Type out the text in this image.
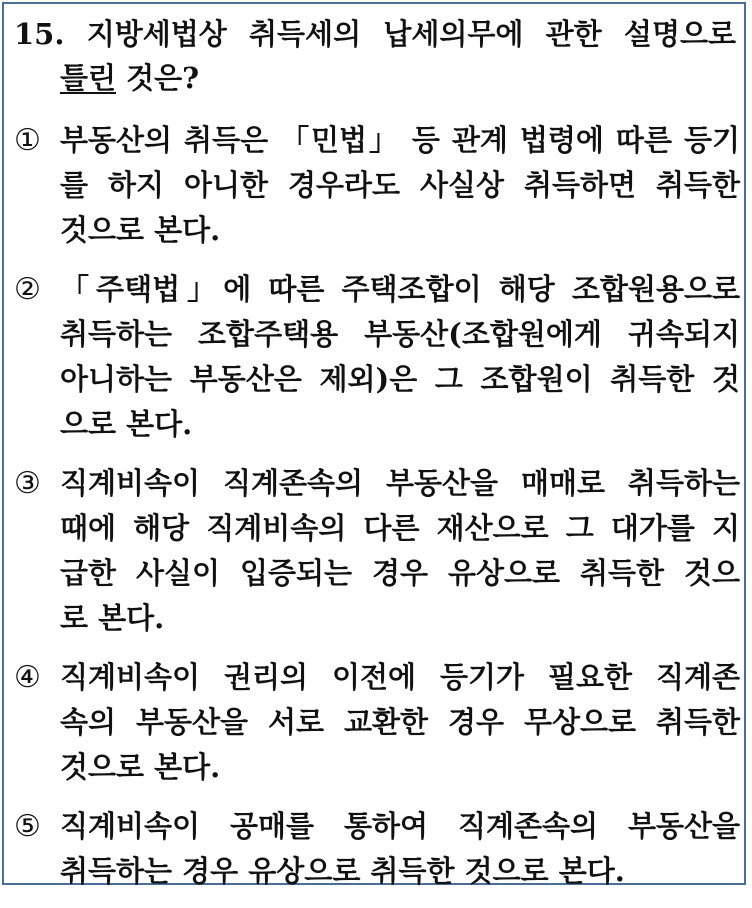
15. 지방세법상 취득세의 납세의무에 관한 설명으로
틀린 것은?
① 부동산의 취득은 「민법」 등 관계 법령에 따른 등기
를 하지 아니한 경우라도 사실상 취득하면 취득한
것으로 본다.
② 「주택법」에 따른 주택조합이 해당 조합원용으로
취득하는 조합주택용 부동산(조합원에게 귀속되지
아니하는 부동산은 제외)은 그 조합원이 취득한 것
으로 본다.
③ 직계비속이 직계존속의 부동산을 매매로 취득하는
때에 해당 직계비속의 다른 재산으로 그 대가를 지
급한 사실이 입증되는 경우 유상으로 취득한 것으
로 본다.
④ 직계비속이 권리의 이전에 등기가 필요한 직계존
속의 부동산을 서로 교환한 경우 무상으로 취득한
것으로 본다.
⑤ 직계비속이 공매를 통하여 직계존속의 부동산을
취득하는 경우 유상으로 취득한 것으로 본다.
